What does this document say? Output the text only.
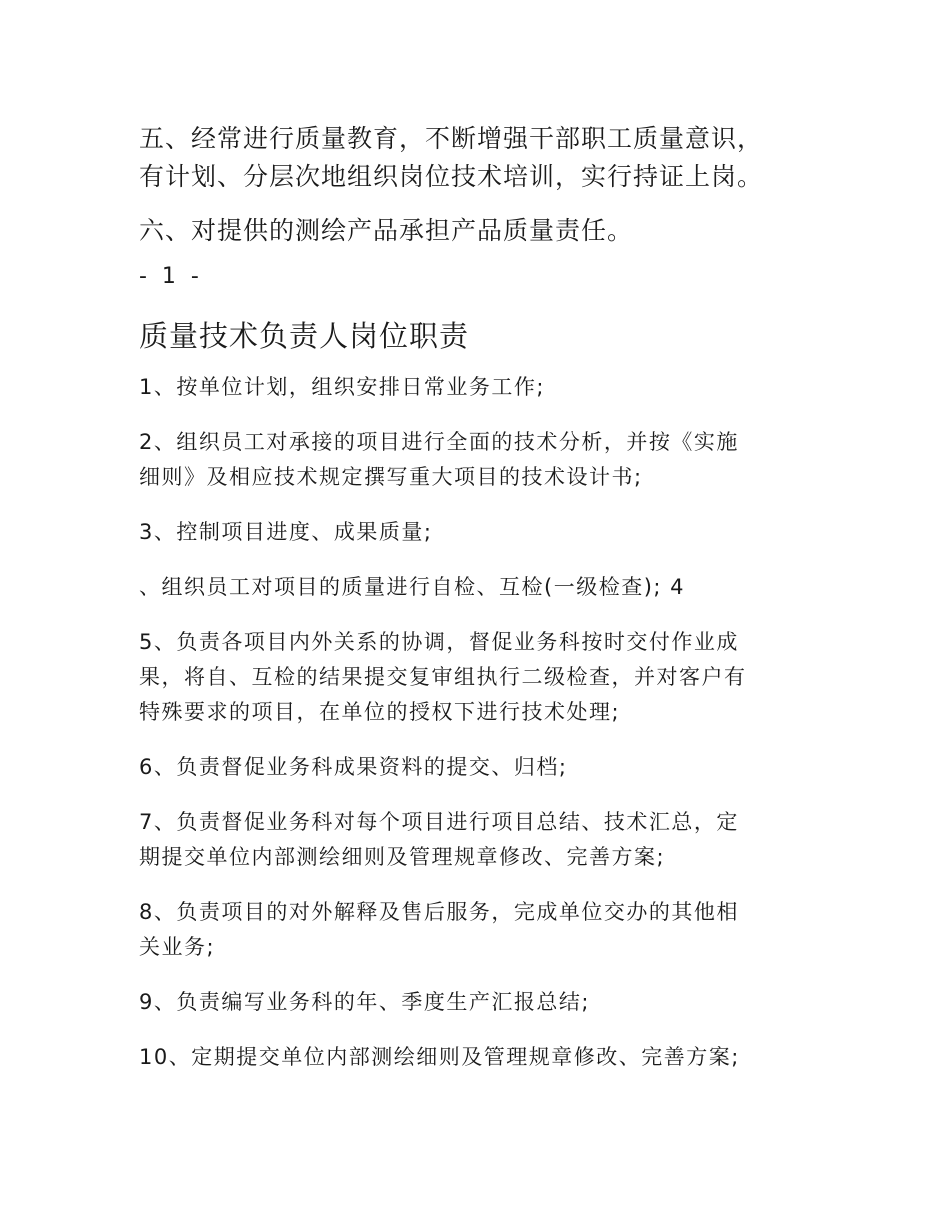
五、经常进行质量教育，不断增强干部职工质量意识，
有计划、分层次地组织岗位技术培训，实行持证上岗。

六、对提供的测绘产品承担产品质量责任。

- 1 -
质量技术负责人岗位职责

1、按单位计划，组织安排日常业务工作;

2、组织员工对承接的项目进行全面的技术分析，并按《实施
细则》及相应技术规定撰写重大项目的技术设计书;

3、控制项目进度、成果质量;

、组织员工对项目的质量进行自检、互检(一级检查); 4

5、负责各项目内外关系的协调，督促业务科按时交付作业成
果，将自、互检的结果提交复审组执行二级检查，并对客户有
特殊要求的项目，在单位的授权下进行技术处理;

6、负责督促业务科成果资料的提交、归档;

7、负责督促业务科对每个项目进行项目总结、技术汇总，定
期提交单位内部测绘细则及管理规章修改、完善方案;

8、负责项目的对外解释及售后服务，完成单位交办的其他相
关业务;

9、负责编写业务科的年、季度生产汇报总结;

10、定期提交单位内部测绘细则及管理规章修改、完善方案;
